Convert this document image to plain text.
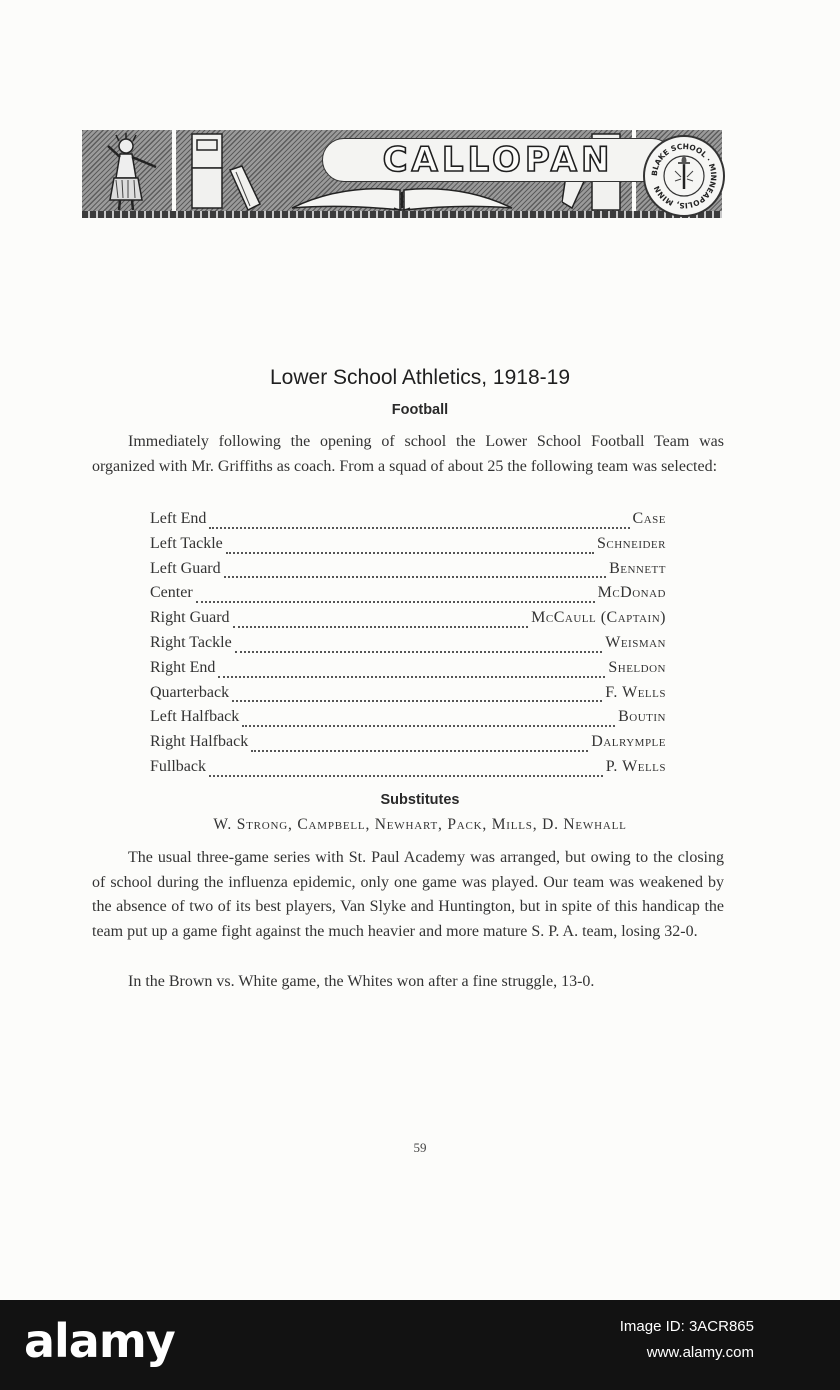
CALLOPAN	BLAKE SCHOOL · MINNEAPOLIS, MINN
Lower School Athletics, 1918-19
Football

Immediately following the opening of school the Lower School Football Team was organized with Mr. Griffiths as coach. From a squad of about 25 the following team was selected:

Left End	Case
Left Tackle	Schneider
Left Guard	Bennett
Center	McDonad
Right Guard	McCaull (Captain)
Right Tackle	Weisman
Right End	Sheldon
Quarterback	F. Wells
Left Halfback	Boutin
Right Halfback	Dalrymple
Fullback	P. Wells
Substitutes
W. Strong, Campbell, Newhart, Pack, Mills, D. Newhall

The usual three-game series with St. Paul Academy was arranged, but owing to the closing of school during the influenza epidemic, only one game was played. Our team was weakened by the absence of two of its best players, Van Slyke and Huntington, but in spite of this handicap the team put up a game fight against the much heavier and more mature S. P. A. team, losing 32-0.

In the Brown vs. White game, the Whites won after a fine struggle, 13-0.

59
alamy	Image ID: 3ACR865
www.alamy.com
